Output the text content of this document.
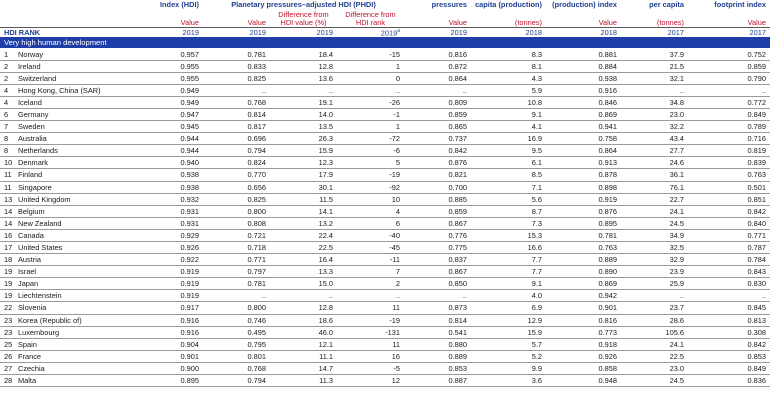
		Index (HDI)	Planetary pressures–adjusted HDI (PHDI)			pressures	capita (production)	(production) index	per capita	footprint index
		Value	Value	Difference from HDI value (%)	Difference from HDI rank	Value	(tonnes)	Value	(tonnes)	Value
HDI RANK		2019	2019	2019	2019$^a$	2019	2018	2018	2017	2017
Very high human development										
1	Norway	0.957	0.781	18.4	-15	0.816	8.3	0.881	37.9	0.752
2	Ireland	0.955	0.833	12.8	1	0.872	8.1	0.884	21.5	0.859
2	Switzerland	0.955	0.825	13.6	0	0.864	4.3	0.938	32.1	0.790
4	Hong Kong, China (SAR)	0.949	..	..	..	..	5.9	0.916	..	..
4	Iceland	0.949	0.768	19.1	-26	0.809	10.8	0.846	34.8	0.772
6	Germany	0.947	0.814	14.0	-1	0.859	9.1	0.869	23.0	0.849
7	Sweden	0.945	0.817	13.5	1	0.865	4.1	0.941	32.2	0.789
8	Australia	0.944	0.696	26.3	-72	0.737	16.9	0.758	43.4	0.716
8	Netherlands	0.944	0.794	15.9	-6	0.842	9.5	0.864	27.7	0.819
10	Denmark	0.940	0.824	12.3	5	0.876	6.1	0.913	24.6	0.839
11	Finland	0.938	0.770	17.9	-19	0.821	8.5	0.878	36.1	0.763
11	Singapore	0.938	0.656	30.1	-92	0.700	7.1	0.898	76.1	0.501
13	United Kingdom	0.932	0.825	11.5	10	0.885	5.6	0.919	22.7	0.851
14	Belgium	0.931	0.800	14.1	4	0.859	8.7	0.876	24.1	0.842
14	New Zealand	0.931	0.808	13.2	6	0.867	7.3	0.895	24.5	0.840
16	Canada	0.929	0.721	22.4	-40	0.776	15.3	0.781	34.9	0.771
17	United States	0.926	0.718	22.5	-45	0.775	16.6	0.763	32.5	0.787
18	Austria	0.922	0.771	16.4	-11	0.837	7.7	0.889	32.9	0.784
19	Israel	0.919	0.797	13.3	7	0.867	7.7	0.890	23.9	0.843
19	Japan	0.919	0.781	15.0	2	0.850	9.1	0.869	25.9	0.830
19	Liechtenstein	0.919	..	..	..	..	4.0	0.942	..	..
22	Slovenia	0.917	0.800	12.8	11	0.873	6.9	0.901	23.7	0.845
23	Korea (Republic of)	0.916	0.746	18.6	-19	0.814	12.9	0.816	28.6	0.813
23	Luxembourg	0.916	0.495	46.0	-131	0.541	15.9	0.773	105.6	0.308
25	Spain	0.904	0.795	12.1	11	0.880	5.7	0.918	24.1	0.842
26	France	0.901	0.801	11.1	16	0.889	5.2	0.926	22.5	0.853
27	Czechia	0.900	0.768	14.7	-5	0.853	9.9	0.858	23.0	0.849
28	Malta	0.895	0.794	11.3	12	0.887	3.6	0.948	24.5	0.836
